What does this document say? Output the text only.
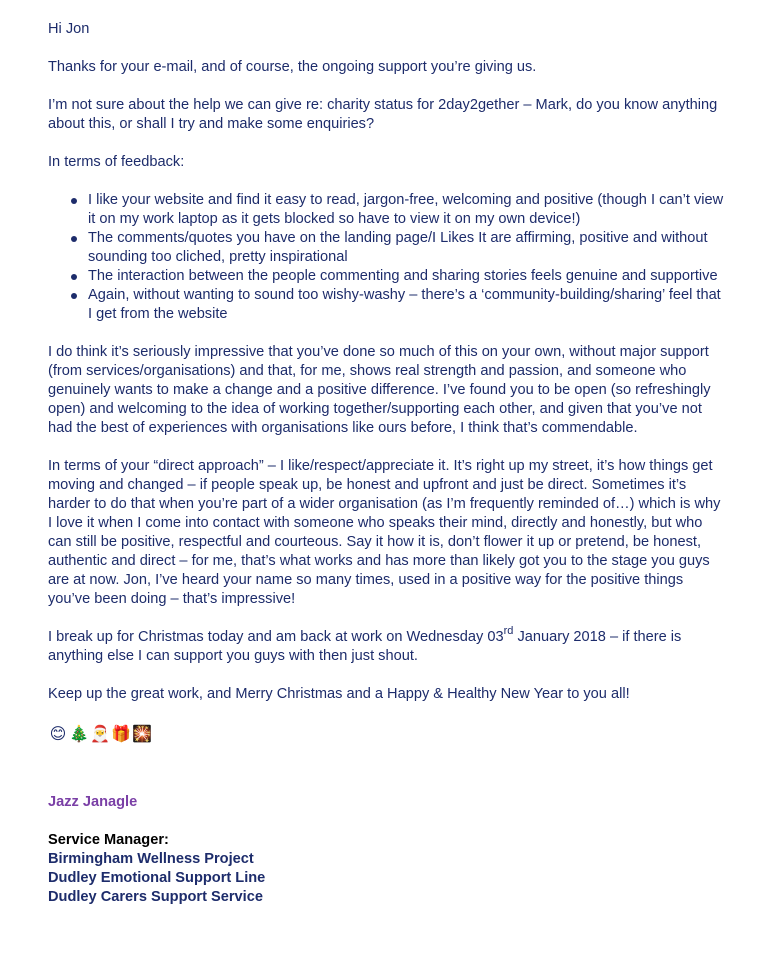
Hi Jon

Thanks for your e-mail, and of course, the ongoing support you’re giving us.

I’m not sure about the help we can give re: charity status for 2day2gether – Mark, do you know anything about this, or shall I try and make some enquiries?

In terms of feedback:

I like your website and find it easy to read, jargon-free, welcoming and positive (though I can’t view it on my work laptop as it gets blocked so have to view it on my own device!)
The comments/quotes you have on the landing page/I Likes It are affirming, positive and without sounding too cliched, pretty inspirational
The interaction between the people commenting and sharing stories feels genuine and supportive
Again, without wanting to sound too wishy-washy – there’s a ‘community-building/sharing’ feel that I get from the website

I do think it’s seriously impressive that you’ve done so much of this on your own, without major support (from services/organisations) and that, for me, shows real strength and passion, and someone who genuinely wants to make a change and a positive difference. I’ve found you to be open (so refreshingly open) and welcoming to the idea of working together/supporting each other, and given that you’ve not had the best of experiences with organisations like ours before, I think that’s commendable.

In terms of your “direct approach” – I like/respect/appreciate it. It’s right up my street, it’s how things get moving and changed – if people speak up, be honest and upfront and just be direct. Sometimes it’s harder to do that when you’re part of a wider organisation (as I’m frequently reminded of…) which is why I love it when I come into contact with someone who speaks their mind, directly and honestly, but who can still be positive, respectful and courteous. Say it how it is, don’t flower it up or pretend, be honest, authentic and direct – for me, that’s what works and has more than likely got you to the stage you guys are at now. Jon, I’ve heard your name so many times, used in a positive way for the positive things you’ve been doing – that’s impressive!

I break up for Christmas today and am back at work on Wednesday 03rd January 2018 – if there is anything else I can support you guys with then just shout.

Keep up the great work, and Merry Christmas and a Happy & Healthy New Year to you all!

😊 🎄 🎅 🎁 🎇

Jazz Janagle

Service Manager:

Birmingham Wellness Project

Dudley Emotional Support Line

Dudley Carers Support Service
